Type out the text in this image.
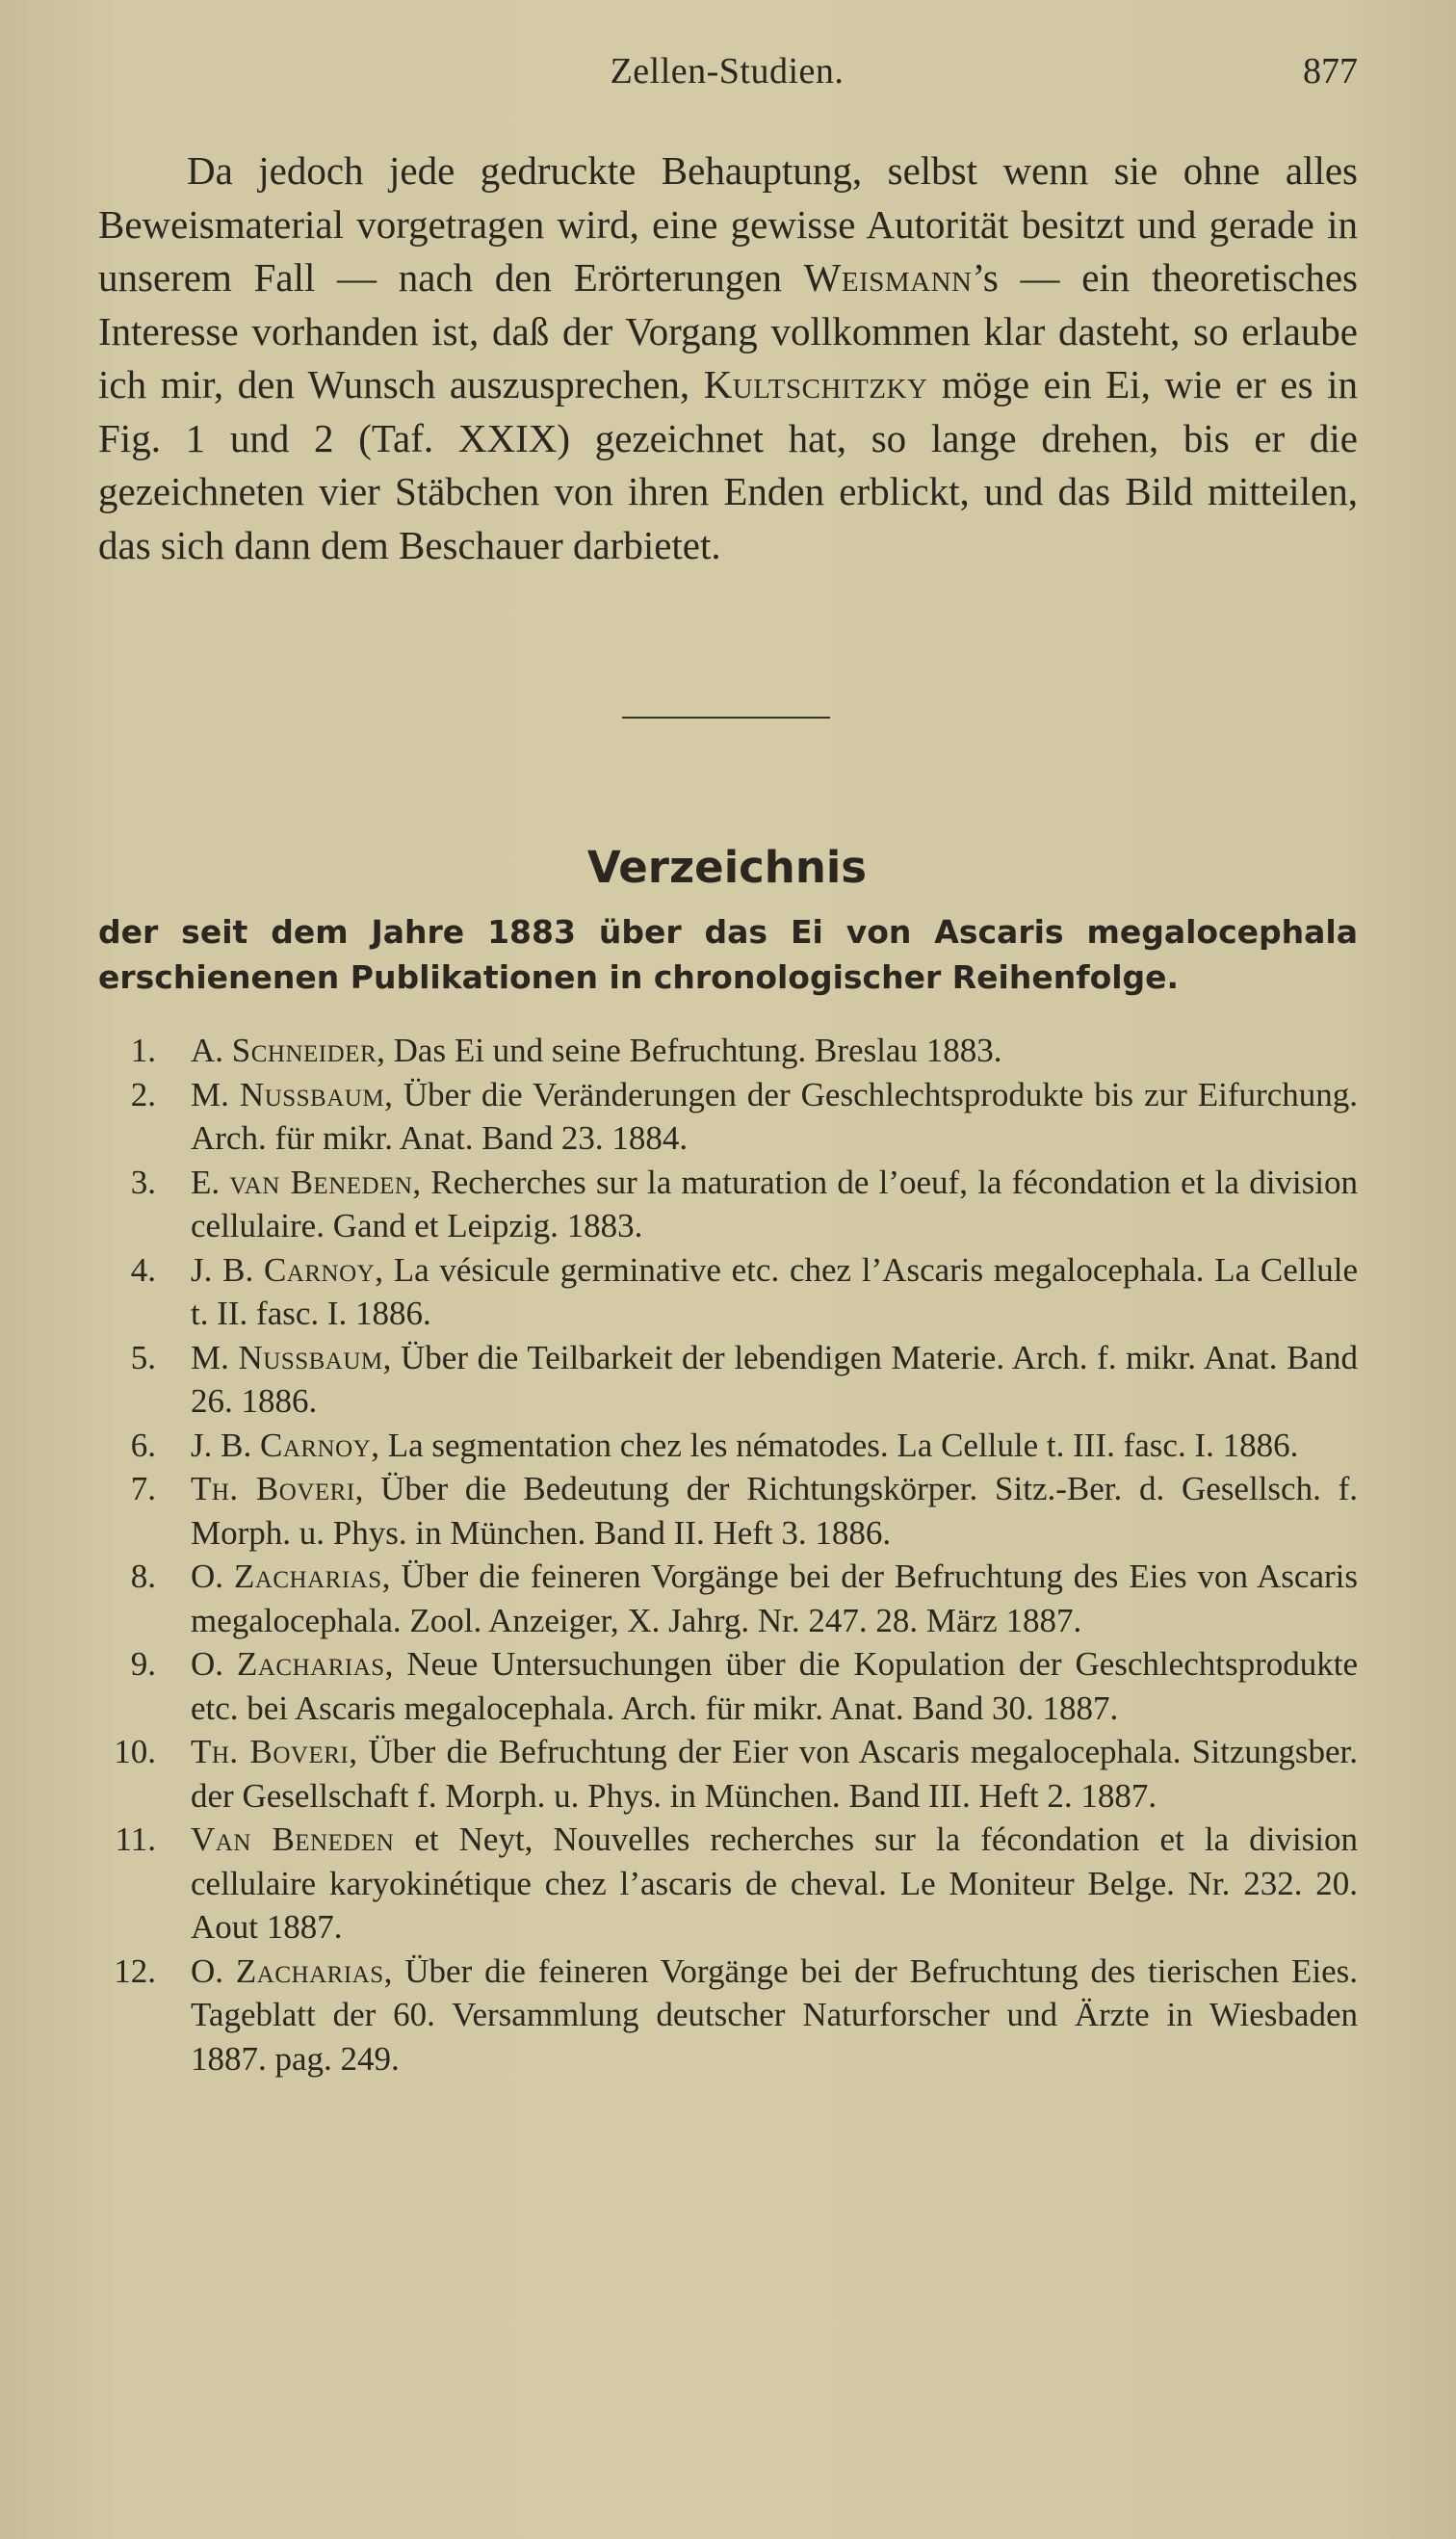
Zellen-Studien.	877

Da jedoch jede gedruckte Behauptung, selbst wenn sie ohne alles Beweismaterial vorgetragen wird, eine gewisse Autorität besitzt und gerade in unserem Fall — nach den Erörterungen Weismann’s — ein theoretisches Interesse vorhanden ist, daß der Vorgang vollkommen klar dasteht, so erlaube ich mir, den Wunsch auszusprechen, Kultschitzky möge ein Ei, wie er es in Fig. 1 und 2 (Taf. XXIX) gezeichnet hat, so lange drehen, bis er die gezeichneten vier Stäbchen von ihren Enden erblickt, und das Bild mitteilen, das sich dann dem Beschauer darbietet.

Verzeichnis

der seit dem Jahre 1883 über das Ei von Ascaris megalocephala erschienenen Publikationen in chronologischer Reihenfolge.

1. A. Schneider, Das Ei und seine Befruchtung. Breslau 1883.
2. M. Nussbaum, Über die Veränderungen der Geschlechtsprodukte bis zur Eifurchung. Arch. für mikr. Anat. Band 23. 1884.
3. E. van Beneden, Recherches sur la maturation de l’oeuf, la fécondation et la division cellulaire. Gand et Leipzig. 1883.
4. J. B. Carnoy, La vésicule germinative etc. chez l’Ascaris megalocephala. La Cellule t. II. fasc. I. 1886.
5. M. Nussbaum, Über die Teilbarkeit der lebendigen Materie. Arch. f. mikr. Anat. Band 26. 1886.
6. J. B. Carnoy, La segmentation chez les nématodes. La Cellule t. III. fasc. I. 1886.
7. Th. Boveri, Über die Bedeutung der Richtungskörper. Sitz.-Ber. d. Gesellsch. f. Morph. u. Phys. in München. Band II. Heft 3. 1886.
8. O. Zacharias, Über die feineren Vorgänge bei der Befruchtung des Eies von Ascaris megalocephala. Zool. Anzeiger, X. Jahrg. Nr. 247. 28. März 1887.
9. O. Zacharias, Neue Untersuchungen über die Kopulation der Geschlechtsprodukte etc. bei Ascaris megalocephala. Arch. für mikr. Anat. Band 30. 1887.
10. Th. Boveri, Über die Befruchtung der Eier von Ascaris megalocephala. Sitzungsber. der Gesellschaft f. Morph. u. Phys. in München. Band III. Heft 2. 1887.
11. Van Beneden et Neyt, Nouvelles recherches sur la fécondation et la division cellulaire karyokinétique chez l’ascaris de cheval. Le Moniteur Belge. Nr. 232. 20. Aout 1887.
12. O. Zacharias, Über die feineren Vorgänge bei der Befruchtung des tierischen Eies. Tageblatt der 60. Versammlung deutscher Naturforscher und Ärzte in Wiesbaden 1887. pag. 249.
